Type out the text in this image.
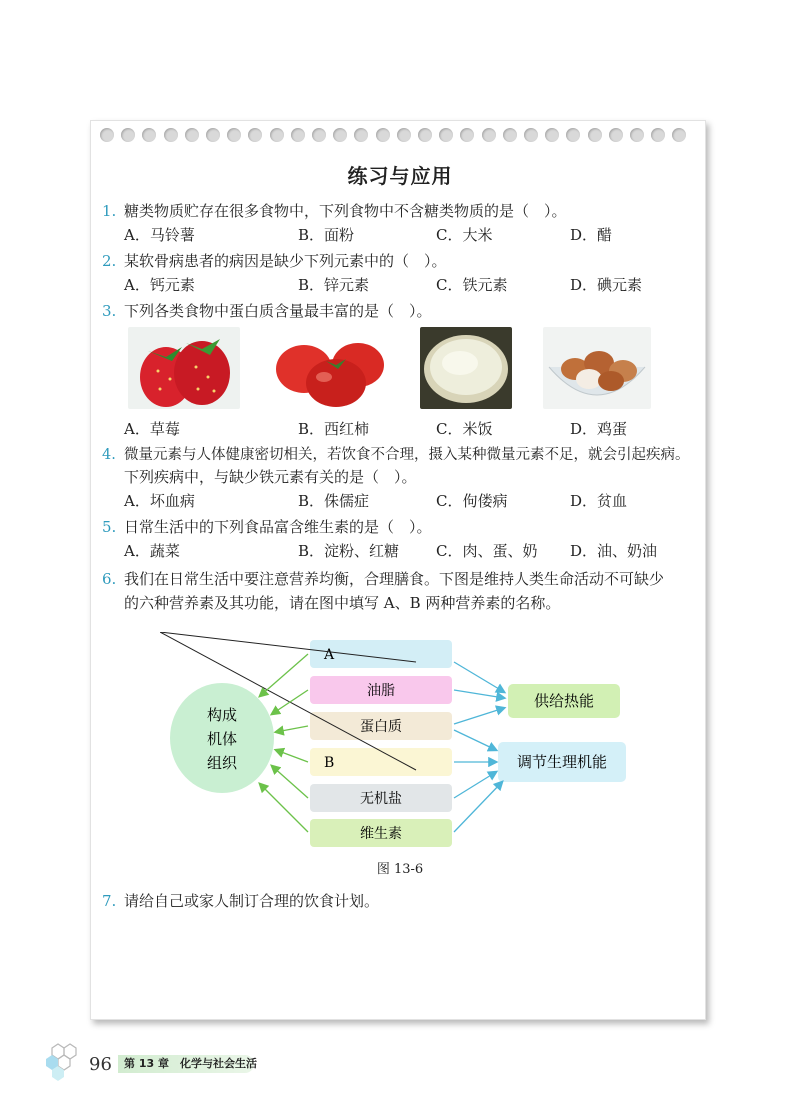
练习与应用
1. 糖类物质贮存在很多食物中，下列食物中不含糖类物质的是（　）。
A．马铃薯	B．面粉	C．大米	D．醋
2. 某软骨病患者的病因是缺少下列元素中的（　）。
A．钙元素	B．锌元素	C．铁元素	D．碘元素
3. 下列各类食物中蛋白质含量最丰富的是（　）。
A．草莓	B．西红柿	C．米饭	D．鸡蛋
4. 微量元素与人体健康密切相关，若饮食不合理，摄入某种微量元素不足，就会引起疾病。
下列疾病中，与缺少铁元素有关的是（　）。
A．坏血病	B．侏儒症	C．佝偻病	D．贫血
5. 日常生活中的下列食品富含维生素的是（　）。
A．蔬菜	B．淀粉、红糖 C．肉、蛋、奶 D．油、奶油
6. 我们在日常生活中要注意营养均衡，合理膳食。下图是维持人类生命活动不可缺少
的六种营养素及其功能，请在图中填写 A、B 两种营养素的名称。
构成
机体
组织
A
油脂
蛋白质
B
无机盐
维生素
供给热能
调节生理机能
图 13-6
7. 请给自己或家人制订合理的饮食计划。
96	第 13 章　化学与社会生活
